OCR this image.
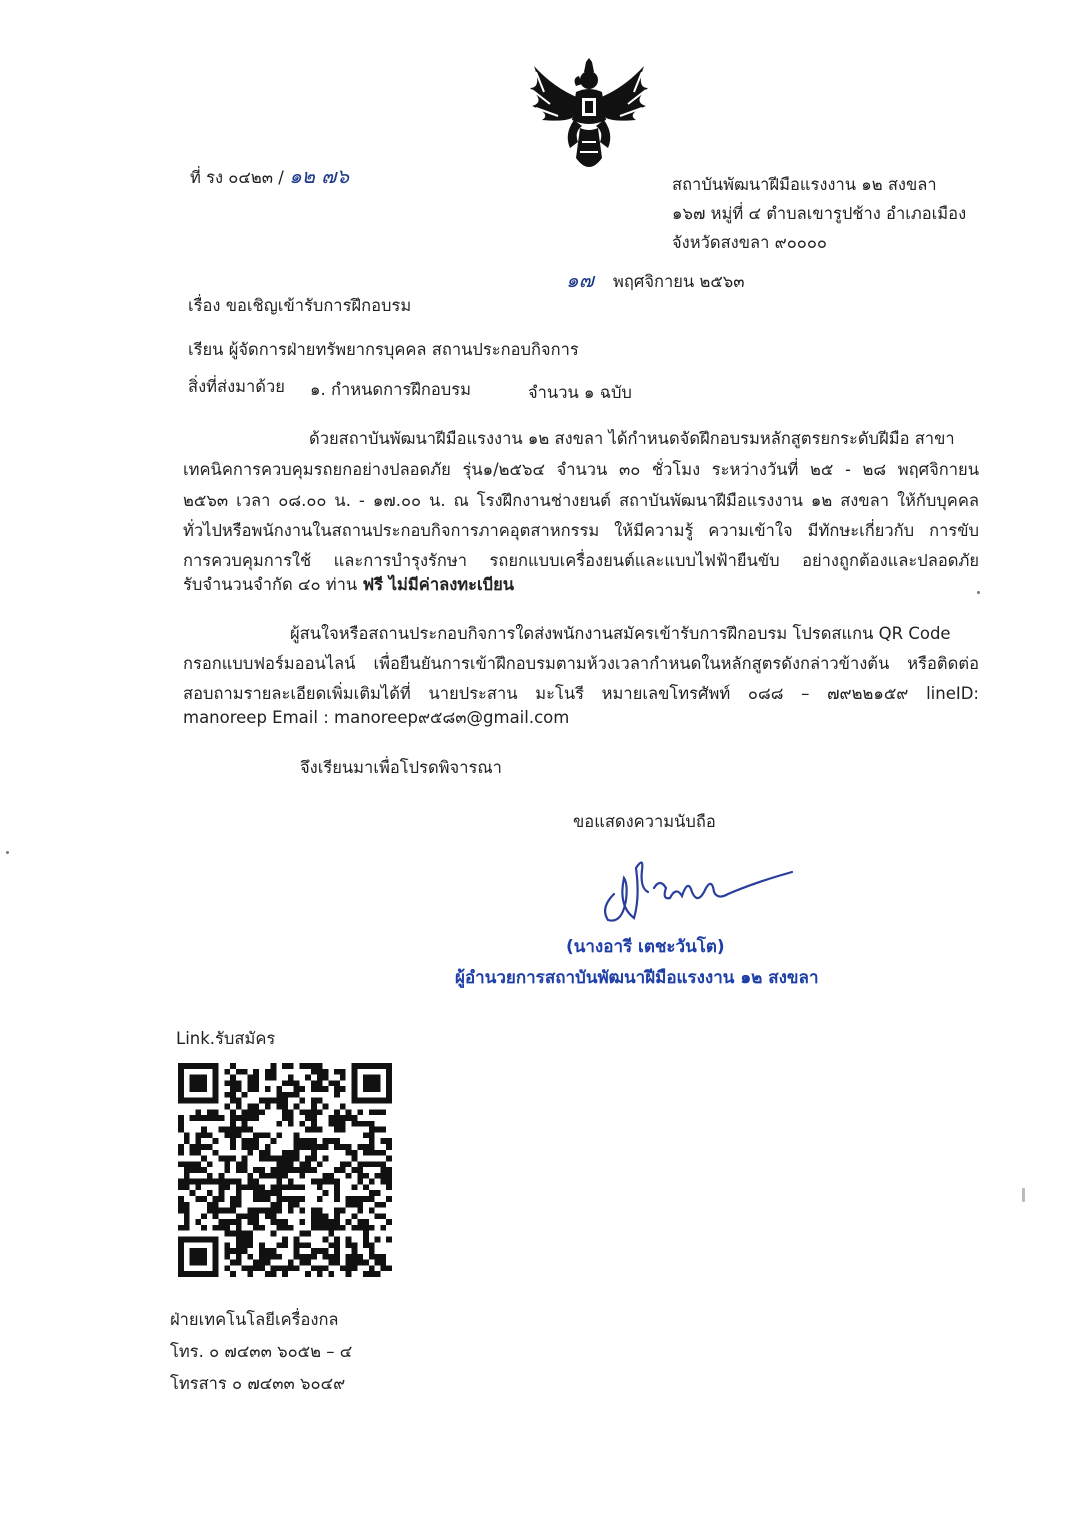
ที่ รง ๐๔๒๓ / ๑๒ ๗๖	สถาบันพัฒนาฝีมือแรงงาน ๑๒ สงขลา
๑๖๗ หมู่ที่ ๔ ตำบลเขารูปช้าง อำเภอเมือง
จังหวัดสงขลา ๙๐๐๐๐
๑๗ พฤศจิกายน ๒๕๖๓
เรื่อง ขอเชิญเข้ารับการฝึกอบรม
เรียน ผู้จัดการฝ่ายทรัพยากรบุคคล สถานประกอบกิจการ
สิ่งที่ส่งมาด้วย ๑. กำหนดการฝึกอบรม	จำนวน ๑ ฉบับ
ด้วยสถาบันพัฒนาฝีมือแรงงาน ๑๒ สงขลา ได้กำหนดจัดฝึกอบรมหลักสูตรยกระดับฝีมือ สาขา
เทคนิคการควบคุมรถยกอย่างปลอดภัย รุ่น๑/๒๕๖๔ จำนวน ๓๐ ชั่วโมง ระหว่างวันที่ ๒๕ - ๒๘ พฤศจิกายน
๒๕๖๓ เวลา ๐๘.๐๐ น. - ๑๗.๐๐ น. ณ โรงฝึกงานช่างยนต์ สถาบันพัฒนาฝีมือแรงงาน ๑๒ สงขลา ให้กับบุคคล
ทั่วไปหรือพนักงานในสถานประกอบกิจการภาคอุตสาหกรรม ให้มีความรู้ ความเข้าใจ มีทักษะเกี่ยวกับ การขับ
การควบคุมการใช้ และการบำรุงรักษา รถยกแบบเครื่องยนต์และแบบไฟฟ้ายืนขับ อย่างถูกต้องและปลอดภัย
รับจำนวนจำกัด ๔๐ ท่าน ฟรี ไม่มีค่าลงทะเบียน
ผู้สนใจหรือสถานประกอบกิจการใดส่งพนักงานสมัครเข้ารับการฝึกอบรม โปรดสแกน QR Code
กรอกแบบฟอร์มออนไลน์ เพื่อยืนยันการเข้าฝึกอบรมตามห้วงเวลากำหนดในหลักสูตรดังกล่าวข้างต้น หรือติดต่อ
สอบถามรายละเอียดเพิ่มเติมได้ที่ นายประสาน มะโนรี หมายเลขโทรศัพท์ ๐๘๘ – ๗๙๒๒๑๕๙ lineID:
manoreep Email : manoreep๙๕๘๓@gmail.com
จึงเรียนมาเพื่อโปรดพิจารณา
ขอแสดงความนับถือ
(นางอารี เตชะวันโต)
ผู้อำนวยการสถาบันพัฒนาฝีมือแรงงาน ๑๒ สงขลา
Link.รับสมัคร
ฝ่ายเทคโนโลยีเครื่องกล
โทร. ๐ ๗๔๓๓ ๖๐๕๒ – ๔
โทรสาร ๐ ๗๔๓๓ ๖๐๔๙
